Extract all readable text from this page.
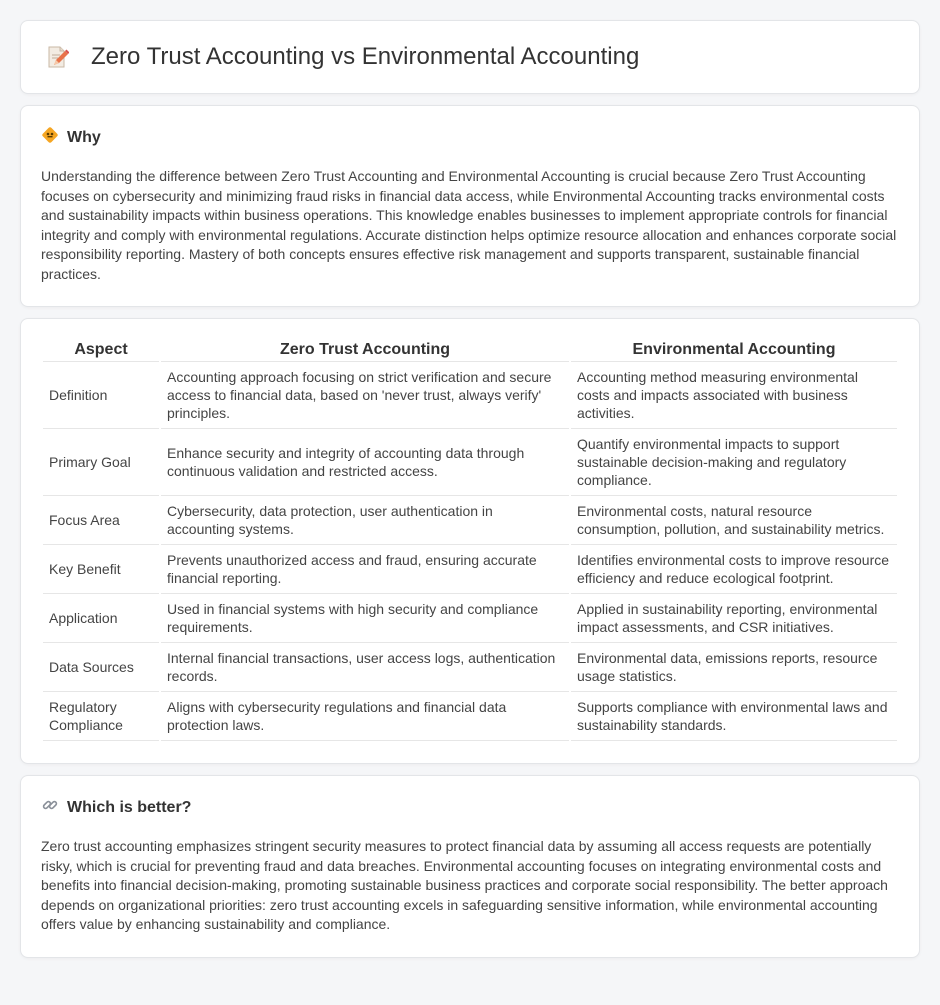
Zero Trust Accounting vs Environmental Accounting
Why

Understanding the difference between Zero Trust Accounting and Environmental Accounting is crucial because Zero Trust Accounting focuses on cybersecurity and minimizing fraud risks in financial data access, while Environmental Accounting tracks environmental costs and sustainability impacts within business operations. This knowledge enables businesses to implement appropriate controls for financial integrity and comply with environmental regulations. Accurate distinction helps optimize resource allocation and enhances corporate social responsibility reporting. Mastery of both concepts ensures effective risk management and supports transparent, sustainable financial practices.

Aspect	Zero Trust Accounting	Environmental Accounting
Definition	Accounting approach focusing on strict verification and secure access to financial data, based on 'never trust, always verify' principles.	Accounting method measuring environmental costs and impacts associated with business activities.
Primary Goal	Enhance security and integrity of accounting data through continuous validation and restricted access.	Quantify environmental impacts to support sustainable decision-making and regulatory compliance.
Focus Area	Cybersecurity, data protection, user authentication in accounting systems.	Environmental costs, natural resource consumption, pollution, and sustainability metrics.
Key Benefit	Prevents unauthorized access and fraud, ensuring accurate financial reporting.	Identifies environmental costs to improve resource efficiency and reduce ecological footprint.
Application	Used in financial systems with high security and compliance requirements.	Applied in sustainability reporting, environmental impact assessments, and CSR initiatives.
Data Sources	Internal financial transactions, user access logs, authentication records.	Environmental data, emissions reports, resource usage statistics.
Regulatory Compliance	Aligns with cybersecurity regulations and financial data protection laws.	Supports compliance with environmental laws and sustainability standards.
Which is better?

Zero trust accounting emphasizes stringent security measures to protect financial data by assuming all access requests are potentially risky, which is crucial for preventing fraud and data breaches. Environmental accounting focuses on integrating environmental costs and benefits into financial decision-making, promoting sustainable business practices and corporate social responsibility. The better approach depends on organizational priorities: zero trust accounting excels in safeguarding sensitive information, while environmental accounting offers value by enhancing sustainability and compliance.
